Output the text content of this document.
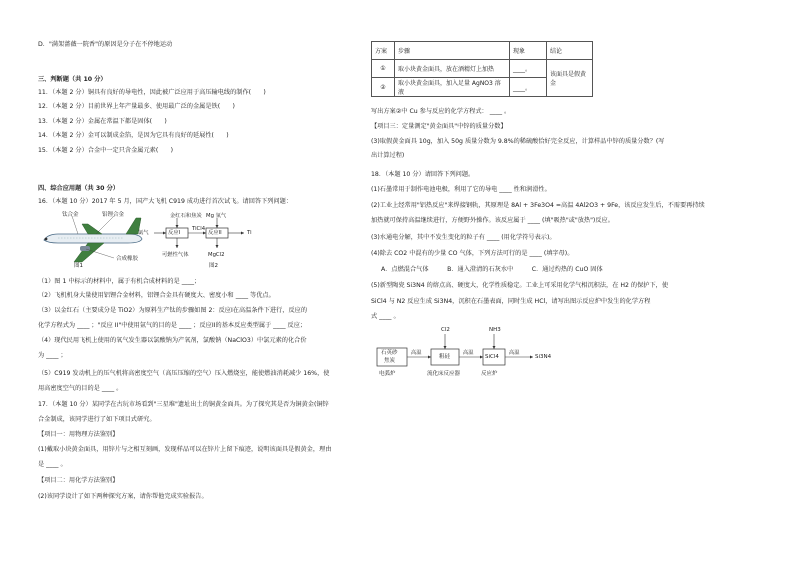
D．"满架蔷薇一院香"的原因是分子在不停地运动
三、判断题（共 10 分）
11．（本题 2 分）铜具有良好的导电性，因此被广泛应用于高压输电线的制作(　　)
12．（本题 2 分）目前世界上年产量最多、使用最广泛的金属是铁(　　)
13．（本题 2 分）金属在常温下都是固体(　　)
14．（本题 2 分）金可以制成金箔，是因为它具有良好的延展性(　　)
15．（本题 2 分）合金中一定只含金属元素(　　)
四、综合应用题（共 30 分）
16．（本题 10 分）2017 年 5 月，国产大飞机 C919 成功进行首次试飞。请回答下列问题：
钛合金	铝锂合金
合成橡胶
图1
金红石和焦炭
氯气	反应I
TiCl4
反应II
Mg 氩气
Ti
可燃性气体	MgCl2
图2
（1）图 1 中标示的材料中，属于有机合成材料的是 ____；
（2）飞机机身大量使用铝锂合金材料，铝锂合金具有硬度大、密度小和 ____ 等优点。
（3）以金红石（主要成分是 TiO2）为原料生产钛的步骤如图 2：反应I在高温条件下进行，反应的
化学方程式为 ____ ；"反应 II"中使用氩气的目的是 ____ ；反应II的基本反应类型属于 ____ 反应；
（4）现代民用飞机上使用的氧气发生器以氯酸钠为产氧剂，氯酸钠（NaClO3）中氯元素的化合价
为 ____ ；
（5）C919 发动机上的压气机将高密度空气（高压压缩的空气）压入燃烧室，能使燃油消耗减少 16%，使
用高密度空气的目的是 ____ 。
17．（本题 10 分）某同学在古玩市场看到"三星堆"遗址出土的铜黄金面具。为了探究其是否为铜黄金(铜锌
合金制成，该同学进行了如下项目式研究。
【项目一：用物理方法鉴别】
(1)戴取小块黄金面具，用锌片与之相互刻画，发现样品可以在锌片上留下痕迹，说明该面具是假黄金，理由
是 ____ 。
【项目二：用化学方法鉴别】
(2)该同学设计了如下两种探究方案，请你帮他完成实验报告。
方案	步骤	现象	结论
①	取小块黄金面具，放在酒精灯上加热	____。	该面具是假黄金
②	取小块黄金面具，加入足量 AgNO3 溶液	____。	
写出方案②中 Cu 参与反应的化学方程式： ____ 。
【项目三：定量测定"黄金面具"中锌的质量分数】
(3)取假黄金面具 10g，加入 50g 质量分数为 9.8%的稀硫酸恰好完全反应，计算样品中锌的质量分数？(写
出计算过程)
18．（本题 10 分）请回答下列问题。
(1)石墨常用于制作电池电极，利用了它的导电 ____ 性和润滑性。
(2)工业上经常用"铝热反应"来焊接钢轨，其原理是 8Al + 3Fe3O4 =高温 4Al2O3 + 9Fe，该反应发生后，不需要再持续
加热就可保持高温继续进行，方便野外操作。该反应属于 ____ (填"吸热"或"放热")反应。
(3)水通电分解，其中不发生变化的粒子有 ____ (用化学符号表示)。
(4)除去 CO2 中混有的少量 CO 气体，下列方法可行的是 ____ (填字母)。
A．点燃混合气体　　　B．通入澄清的石灰水中　　　C．通过灼热的 CuO 固体
(5)新型陶瓷 Si3N4 的熔点高、硬度大，化学性质稳定。工业上可采用化学气相沉积法，在 H2 的保护下，使
SiCl4 与 N2 反应生成 Si3N4，沉积在石墨表面，同时生成 HCl，请写出图示反应炉中发生的化学方程
式 ____ 。
石英砂
焦炭
高温
Cl2
粗硅
高温
NH3
SiCl4
高温
Si3N4
电弧炉	流化床反应器	反应炉
